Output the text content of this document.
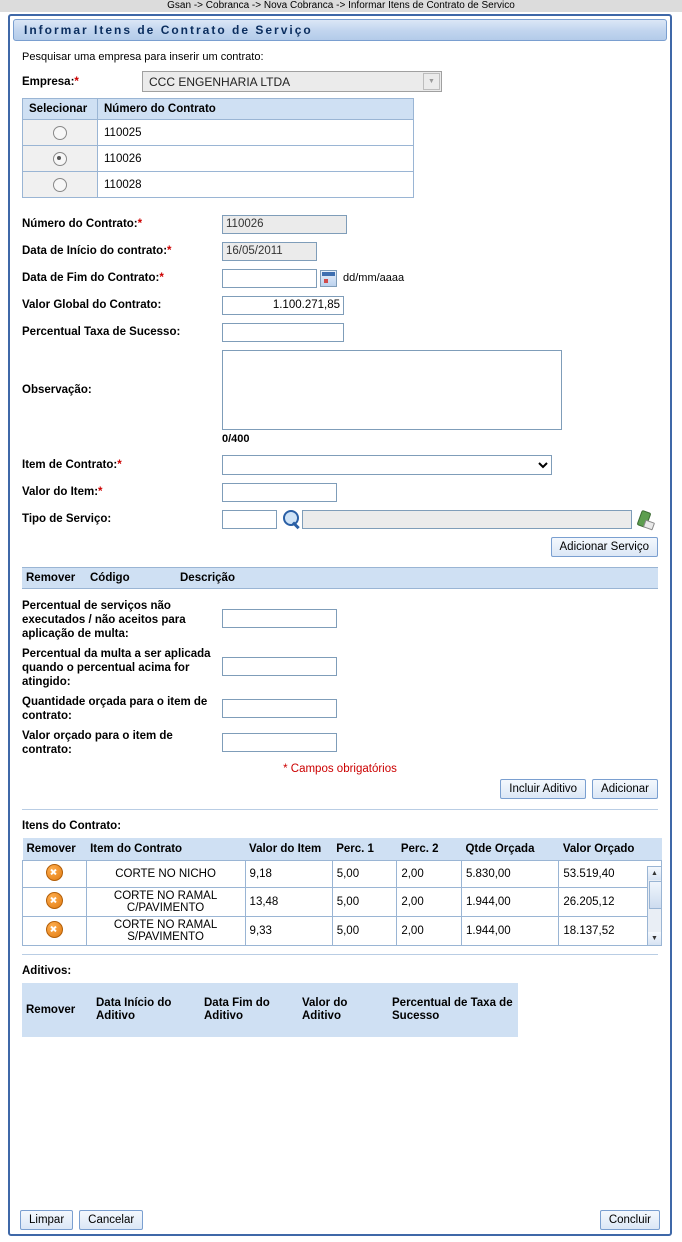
Gsan -> Cobranca -> Nova Cobranca -> Informar Itens de Contrato de Servico
Informar Itens de Contrato de Serviço
Pesquisar uma empresa para inserir um contrato:
Empresa:*	CCC ENGENHARIA LTDA	▼
Selecionar	Número do Contrato
	110025
	110026
	110028
Número do Contrato:*
110026
Data de Início do contrato:*
16/05/2011
Data de Fim do Contrato:*	dd/mm/aaaa
Valor Global do Contrato:
1.100.271,85
Percentual Taxa de Sucesso:
Observação:
0/400
Item de Contrato:*
Valor do Item:*
Tipo de Serviço:
Adicionar Serviço
Remover	Código	Descrição
Percentual de serviços não executados / não aceitos para aplicação de multa:
Percentual da multa a ser aplicada quando o percentual acima for atingido:
Quantidade orçada para o item de contrato:
Valor orçado para o item de contrato:
* Campos obrigatórios
Incluir Aditivo	Adicionar
Itens do Contrato:
Remover	Item do Contrato	Valor do Item	Perc. 1	Perc. 2	Qtde Orçada	Valor Orçado
	CORTE NO NICHO	9,18	5,00	2,00	5.830,00	53.519,40
	CORTE NO RAMAL C/PAVIMENTO	13,48	5,00	2,00	1.944,00	26.205,12
	CORTE NO RAMAL S/PAVIMENTO	9,33	5,00	2,00	1.944,00	18.137,52
▲
▼
Aditivos:
Remover	Data Início do Aditivo	Data Fim do Aditivo	Valor do Aditivo	Percentual de Taxa de Sucesso
Limpar	Cancelar	Concluir
